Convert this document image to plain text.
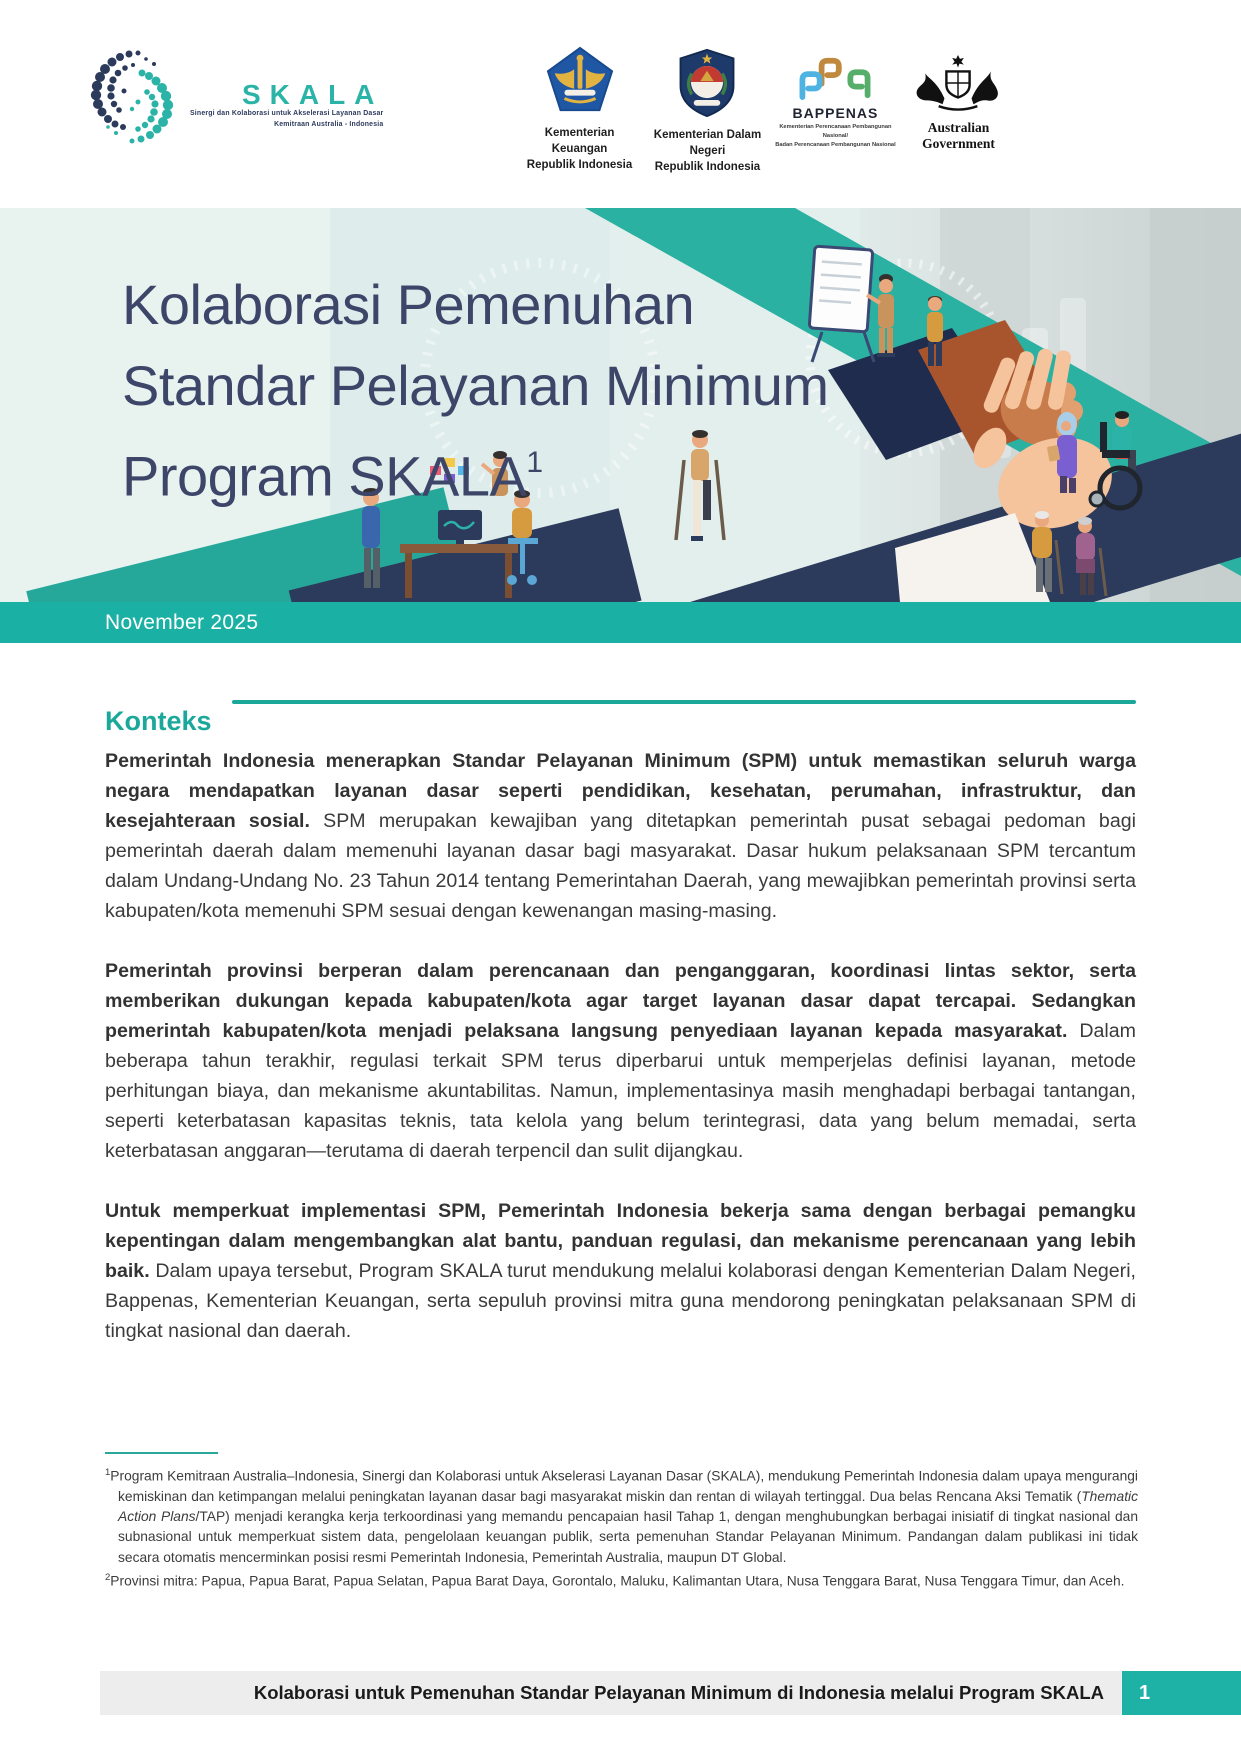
SKALA
Sinergi dan Kolaborasi untuk Akselerasi Layanan Dasar
Kemitraan Australia - Indonesia
Kementerian Keuangan
Republik Indonesia
Kementerian Dalam Negeri
Republik Indonesia
BAPPENAS
Kementerian Perencanaan Pembangunan Nasional/
Badan Perencanaan Pembangunan Nasional
Australian Government
Kolaborasi Pemenuhan
Standar Pelayanan Minimum
Program SKALA$^1$
November 2025
Konteks

Pemerintah Indonesia menerapkan Standar Pelayanan Minimum (SPM) untuk memastikan seluruh warga negara mendapatkan layanan dasar seperti pendidikan, kesehatan, perumahan, infrastruktur, dan kesejahteraan sosial. SPM merupakan kewajiban yang ditetapkan pemerintah pusat sebagai pedoman bagi pemerintah daerah dalam memenuhi layanan dasar bagi masyarakat. Dasar hukum pelaksanaan SPM tercantum dalam Undang-Undang No. 23 Tahun 2014 tentang Pemerintahan Daerah, yang mewajibkan pemerintah provinsi serta kabupaten/kota memenuhi SPM sesuai dengan kewenangan masing-masing.

Pemerintah provinsi berperan dalam perencanaan dan penganggaran, koordinasi lintas sektor, serta memberikan dukungan kepada kabupaten/kota agar target layanan dasar dapat tercapai. Sedangkan pemerintah kabupaten/kota menjadi pelaksana langsung penyediaan layanan kepada masyarakat. Dalam beberapa tahun terakhir, regulasi terkait SPM terus diperbarui untuk memperjelas definisi layanan, metode perhitungan biaya, dan mekanisme akuntabilitas. Namun, implementasinya masih menghadapi berbagai tantangan, seperti keterbatasan kapasitas teknis, tata kelola yang belum terintegrasi, data yang belum memadai, serta keterbatasan anggaran—terutama di daerah terpencil dan sulit dijangkau.

Untuk memperkuat implementasi SPM, Pemerintah Indonesia bekerja sama dengan berbagai pemangku kepentingan dalam mengembangkan alat bantu, panduan regulasi, dan mekanisme perencanaan yang lebih baik. Dalam upaya tersebut, Program SKALA turut mendukung melalui kolaborasi dengan Kementerian Dalam Negeri, Bappenas, Kementerian Keuangan, serta sepuluh provinsi mitra guna mendorong peningkatan pelaksanaan SPM di tingkat nasional dan daerah.

$^1$Program Kemitraan Australia–Indonesia, Sinergi dan Kolaborasi untuk Akselerasi Layanan Dasar (SKALA), mendukung Pemerintah Indonesia dalam upaya mengurangi kemiskinan dan ketimpangan melalui peningkatan layanan dasar bagi masyarakat miskin dan rentan di wilayah tertinggal. Dua belas Rencana Aksi Tematik (Thematic Action Plans/TAP) menjadi kerangka kerja terkoordinasi yang memandu pencapaian hasil Tahap 1, dengan menghubungkan berbagai inisiatif di tingkat nasional dan subnasional untuk memperkuat sistem data, pengelolaan keuangan publik, serta pemenuhan Standar Pelayanan Minimum. Pandangan dalam publikasi ini tidak secara otomatis mencerminkan posisi resmi Pemerintah Indonesia, Pemerintah Australia, maupun DT Global.

$^2$Provinsi mitra: Papua, Papua Barat, Papua Selatan, Papua Barat Daya, Gorontalo, Maluku, Kalimantan Utara, Nusa Tenggara Barat, Nusa Tenggara Timur, dan Aceh.

Kolaborasi untuk Pemenuhan Standar Pelayanan Minimum di Indonesia melalui Program SKALA	1
